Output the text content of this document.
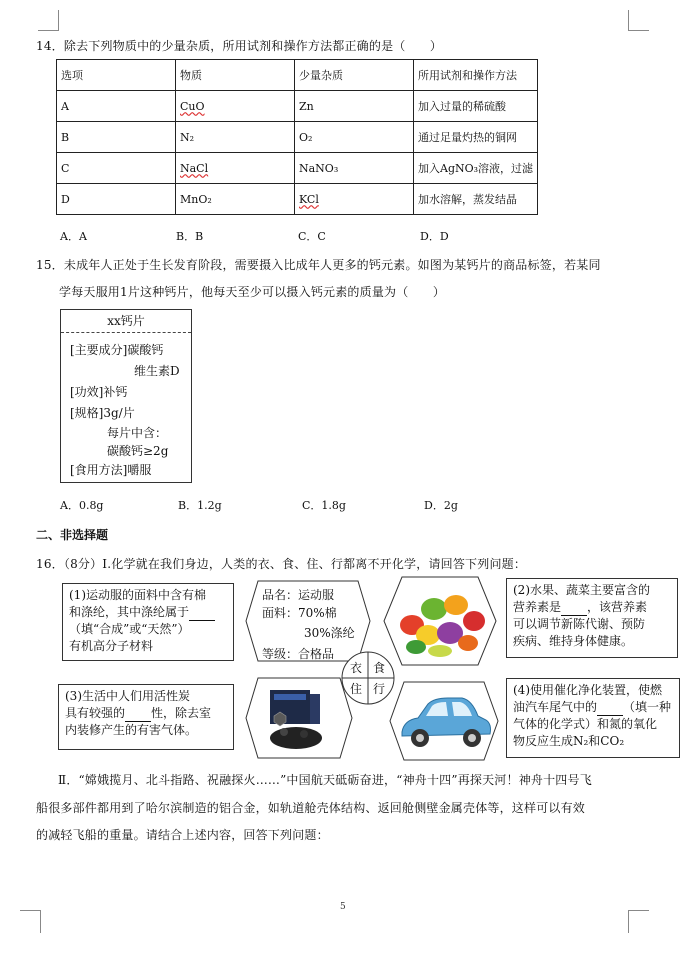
14．除去下列物质中的少量杂质，所用试剂和操作方法都正确的是（　　）
选项	物质	少量杂质	所用试剂和操作方法
A	CuO	Zn	加入过量的稀硫酸
B	N₂	O₂	通过足量灼热的铜网
C	NaCl	NaNO₃	加入AgNO₃溶液，过滤
D	MnO₂	KCl	加水溶解，蒸发结晶
A．A	B．B	C．C	D．D
15．未成年人正处于生长发育阶段，需要摄入比成年人更多的钙元素。如图为某钙片的商品标签，若某同
学每天服用1片这种钙片，他每天至少可以摄入钙元素的质量为（　　）
xx钙片
[主要成分]碳酸钙
维生素D
[功效]补钙
[规格]3g/片
每片中含：
碳酸钙≥2g
[食用方法]嚼服
A．0.8g	B．1.2g	C．1.8g	D．2g
二、非选择题
16．（8分）Ⅰ.化学就在我们身边，人类的衣、食、住、行都离不开化学，请回答下列问题：
(1)运动服的面料中含有棉
和涤纶，其中涤纶属于
（填“合成”或“天然”）
有机高分子材料
品名：运动服
面料：70%棉
30%涤纶
等级：合格品
(2)水果、蔬菜主要富含的
营养素是 ，该营养素
可以调节新陈代谢、预防
疾病、维持身体健康。
衣 食
住 行
(3)生活中人们用活性炭
具有较强的 性，除去室
内装修产生的有害气体。
(4)使用催化净化装置，使燃
油汽车尾气中的 （填一种
气体的化学式）和氮的氧化
物反应生成N₂和CO₂
Ⅱ．“嫦娥揽月、北斗指路、祝融探火……”中国航天砥砺奋进，“神舟十四”再探天河！神舟十四号飞
船很多部件都用到了哈尔滨制造的铝合金，如轨道舱壳体结构、返回舱侧壁金属壳体等，这样可以有效
的减轻飞船的重量。请结合上述内容，回答下列问题：
5
